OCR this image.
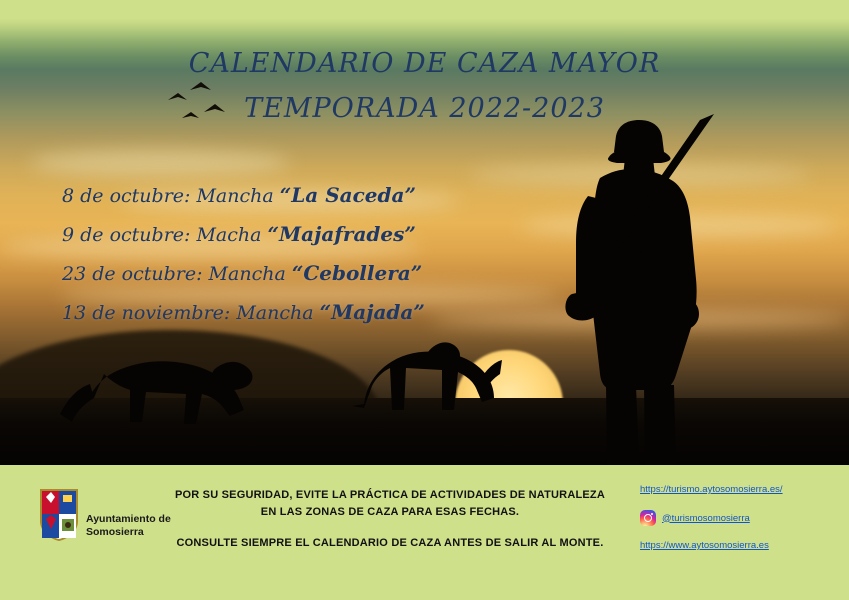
CALENDARIO DE CAZA MAYOR
TEMPORADA 2022-2023
8 de octubre: Mancha “La Saceda”
9 de octubre: Macha “Majafrades”
23 de octubre: Mancha “Cebollera”
13 de noviembre: Mancha “Majada”
Ayuntamiento de
Somosierra
POR SU SEGURIDAD, EVITE LA PRÁCTICA DE ACTIVIDADES DE NATURALEZA
EN LAS ZONAS DE CAZA PARA ESAS FECHAS.
CONSULTE SIEMPRE EL CALENDARIO DE CAZA ANTES DE SALIR AL MONTE.
https://turismo.aytosomosierra.es/
@turismosomosierra
https://www.aytosomosierra.es
